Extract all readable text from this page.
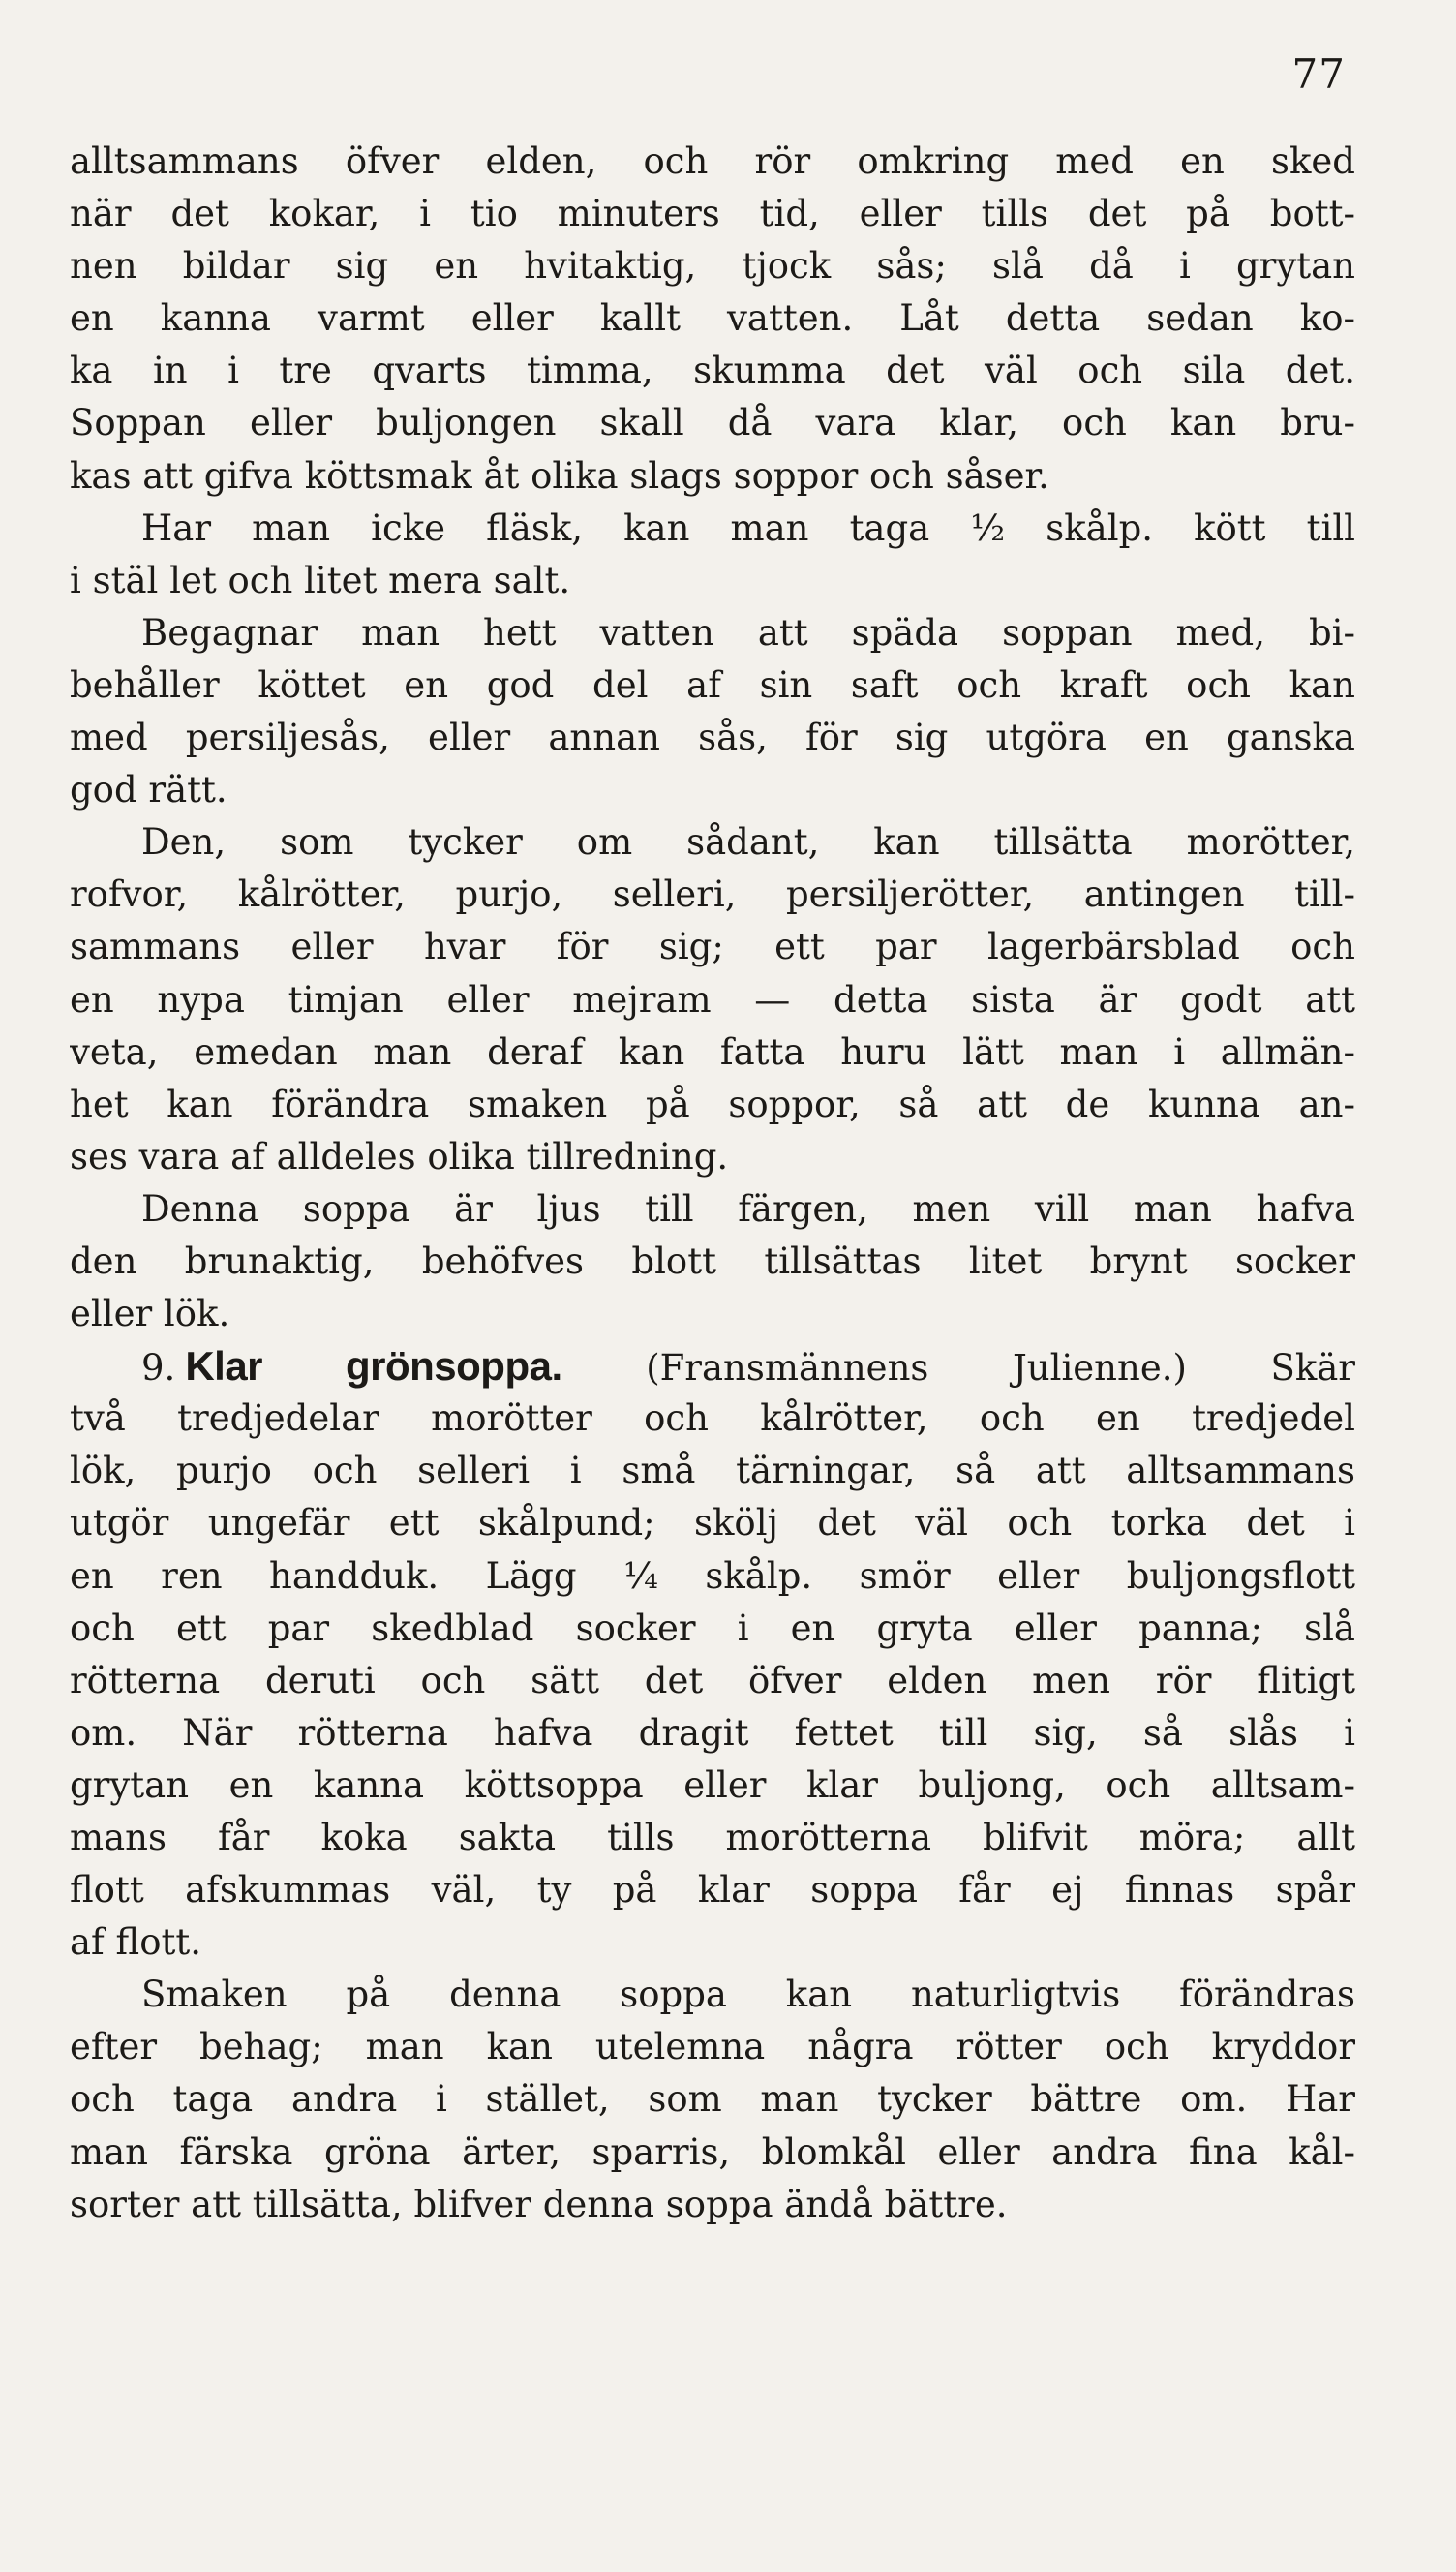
77
alltsammans öfver elden, och rör omkring med en sked
när det kokar, i tio minuters tid, eller tills det på bott-
nen bildar sig en hvitaktig, tjock sås; slå då i grytan
en kanna varmt eller kallt vatten. Låt detta sedan ko-
ka in i tre qvarts timma, skumma det väl och sila det.
Soppan eller buljongen skall då vara klar, och kan bru-
kas att gifva köttsmak åt olika slags soppor och såser.
Har man icke fläsk, kan man taga ½ skålp. kött till
i stäl let och litet mera salt.
Begagnar man hett vatten att späda soppan med, bi-
behåller köttet en god del af sin saft och kraft och kan
med persiljesås, eller annan sås, för sig utgöra en ganska
god rätt.
Den, som tycker om sådant, kan tillsätta morötter,
rofvor, kålrötter, purjo, selleri, persiljerötter, antingen till-
sammans eller hvar för sig; ett par lagerbärsblad och
en nypa timjan eller mejram — detta sista är godt att
veta, emedan man deraf kan fatta huru lätt man i allmän-
het kan förändra smaken på soppor, så att de kunna an-
ses vara af alldeles olika tillredning.
Denna soppa är ljus till färgen, men vill man hafva
den brunaktig, behöfves blott tillsättas litet brynt socker
eller lök.
9. Klar grönsoppa. (Fransmännens Julienne.) Skär
två tredjedelar morötter och kålrötter, och en tredjedel
lök, purjo och selleri i små tärningar, så att alltsammans
utgör ungefär ett skålpund; skölj det väl och torka det i
en ren handduk. Lägg ¼ skålp. smör eller buljongsflott
och ett par skedblad socker i en gryta eller panna; slå
rötterna deruti och sätt det öfver elden men rör flitigt
om. När rötterna hafva dragit fettet till sig, så slås i
grytan en kanna köttsoppa eller klar buljong, och alltsam-
mans får koka sakta tills morötterna blifvit möra; allt
flott afskummas väl, ty på klar soppa får ej finnas spår
af flott.
Smaken på denna soppa kan naturligtvis förändras
efter behag; man kan utelemna några rötter och kryddor
och taga andra i stället, som man tycker bättre om. Har
man färska gröna ärter, sparris, blomkål eller andra fina kål-
sorter att tillsätta, blifver denna soppa ändå bättre.
